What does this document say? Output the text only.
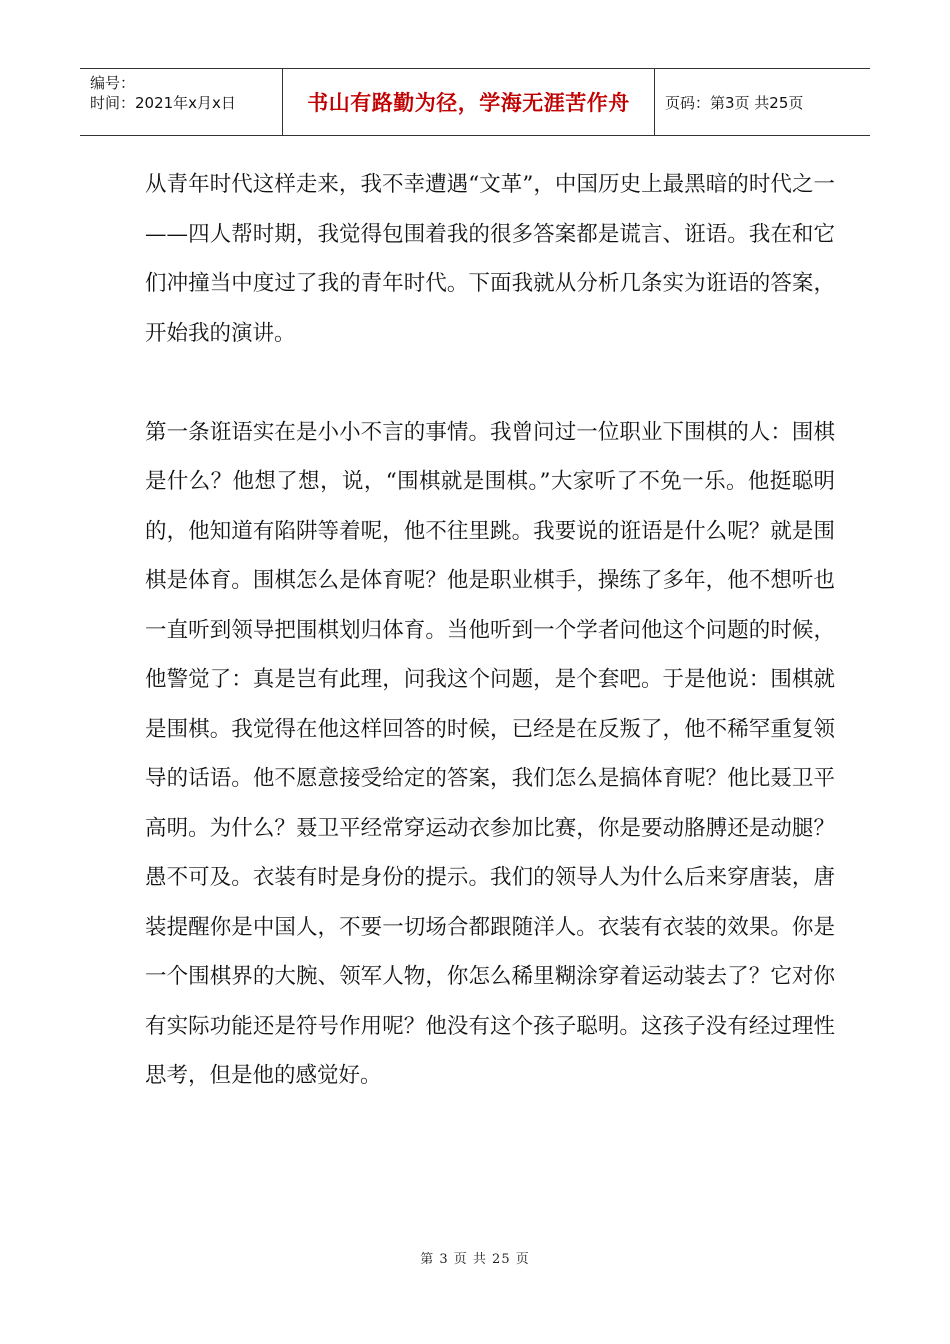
编号：
时间：2021年x月x日	书山有路勤为径，学海无涯苦作舟	页码：第3页 共25页

从青年时代这样走来，我不幸遭遇“文革”，中国历史上最黑暗的时代之一——四人帮时期，我觉得包围着我的很多答案都是谎言、诳语。我在和它们冲撞当中度过了我的青年时代。下面我就从分析几条实为诳语的答案，开始我的演讲。

第一条诳语实在是小小不言的事情。我曾问过一位职业下围棋的人：围棋是什么？他想了想，说，“围棋就是围棋。”大家听了不免一乐。他挺聪明的，他知道有陷阱等着呢，他不往里跳。我要说的诳语是什么呢？就是围棋是体育。围棋怎么是体育呢？他是职业棋手，操练了多年，他不想听也一直听到领导把围棋划归体育。当他听到一个学者问他这个问题的时候，他警觉了：真是岂有此理，问我这个问题，是个套吧。于是他说：围棋就是围棋。我觉得在他这样回答的时候，已经是在反叛了，他不稀罕重复领导的话语。他不愿意接受给定的答案，我们怎么是搞体育呢？他比聂卫平高明。为什么？聂卫平经常穿运动衣参加比赛，你是要动胳膊还是动腿？愚不可及。衣装有时是身份的提示。我们的领导人为什么后来穿唐装，唐装提醒你是中国人，不要一切场合都跟随洋人。衣装有衣装的效果。你是一个围棋界的大腕、领军人物，你怎么稀里糊涂穿着运动装去了？它对你有实际功能还是符号作用呢？他没有这个孩子聪明。这孩子没有经过理性思考，但是他的感觉好。

第 3 页 共 25 页
